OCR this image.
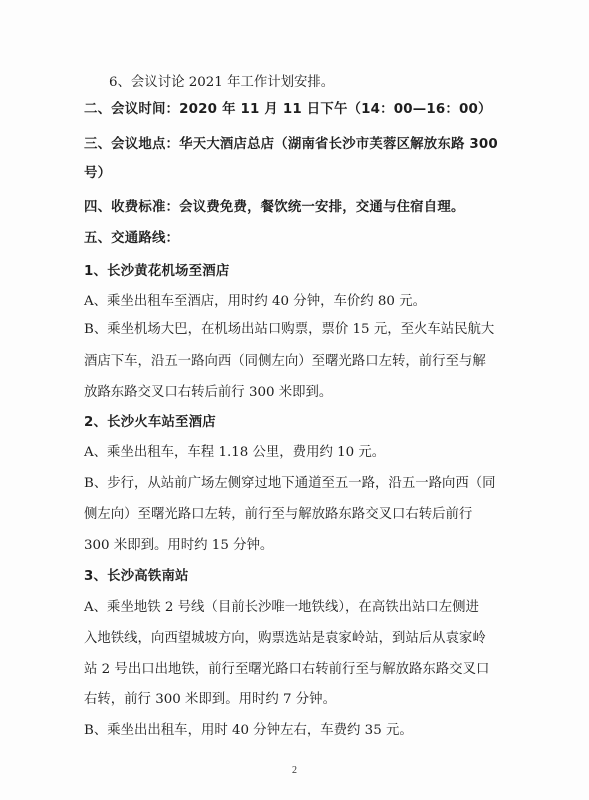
6、会议讨论 2021 年工作计划安排。
二、会议时间：2020 年 11 月 11 日下午（14：00—16：00）
三、会议地点：华天大酒店总店（湖南省长沙市芙蓉区解放东路 300
号）
四、收费标准：会议费免费，餐饮统一安排，交通与住宿自理。
五、交通路线：
1、长沙黄花机场至酒店
A、乘坐出租车至酒店，用时约 40 分钟，车价约 80 元。
B、乘坐机场大巴，在机场出站口购票，票价 15 元，至火车站民航大
酒店下车，沿五一路向西（同侧左向）至曙光路口左转，前行至与解
放路东路交叉口右转后前行 300 米即到。
2、长沙火车站至酒店
A、乘坐出租车，车程 1.18 公里，费用约 10 元。
B、步行，从站前广场左侧穿过地下通道至五一路，沿五一路向西（同
侧左向）至曙光路口左转，前行至与解放路东路交叉口右转后前行
300 米即到。用时约 15 分钟。
3、长沙高铁南站
A、乘坐地铁 2 号线（目前长沙唯一地铁线），在高铁出站口左侧进
入地铁线，向西望城坡方向，购票选站是袁家岭站，到站后从袁家岭
站 2 号出口出地铁，前行至曙光路口右转前行至与解放路东路交叉口
右转，前行 300 米即到。用时约 7 分钟。
B、乘坐出出租车，用时 40 分钟左右，车费约 35 元。
2
